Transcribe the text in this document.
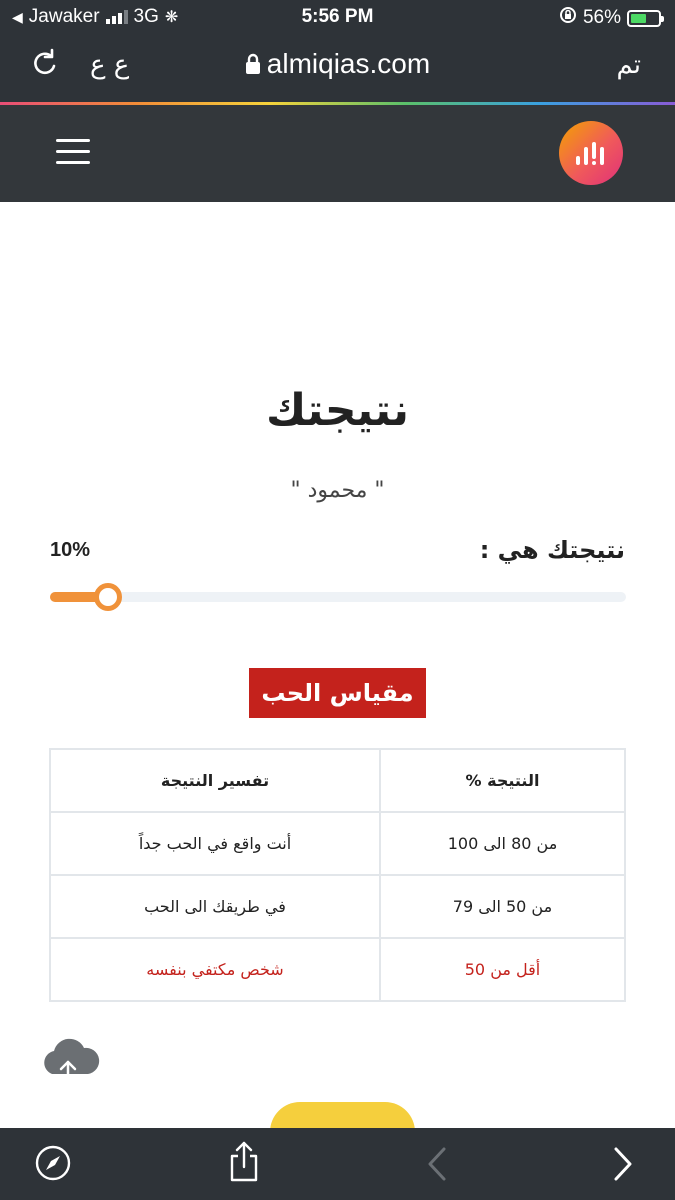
◀ Jawaker 3G ❋	5:56 PM	56%
ع ع	almiqias.com	تم
نتيجتك
" محمود "
نتيجتك هي :
10%
مقياس الحب
النتيجة %	تفسير النتيجة
من 80 الى 100	أنت واقع في الحب جداً
من 50 الى 79	في طريقك الى الحب
أقل من 50	شخص مكتفي بنفسه
